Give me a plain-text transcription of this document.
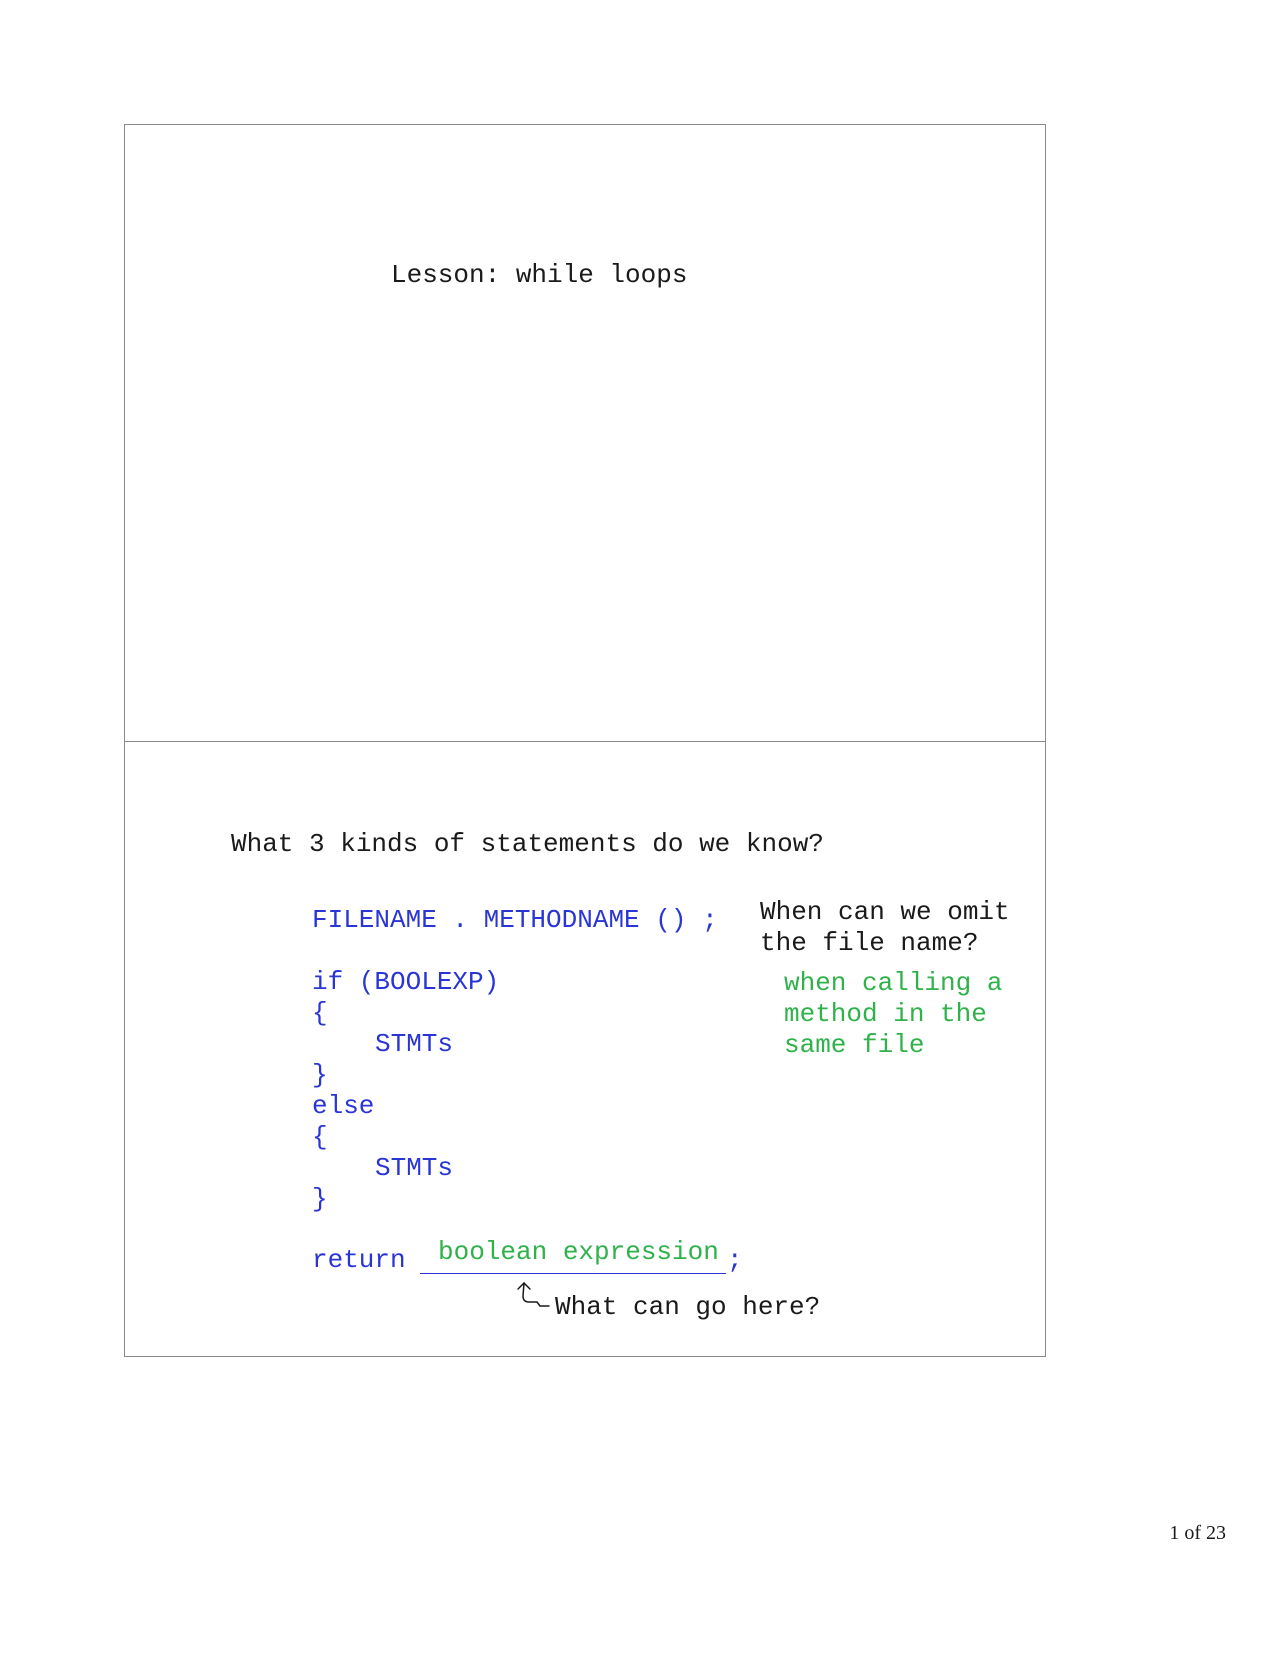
Lesson: while loops
What 3 kinds of statements do we know?
FILENAME . METHODNAME () ; When can we omit
the file name?
when calling a
method in the
same file
if (BOOLEXP)
{
STMTs
}
else
{
STMTs
}
return boolean expression ;
What can go here?
1 of 23
